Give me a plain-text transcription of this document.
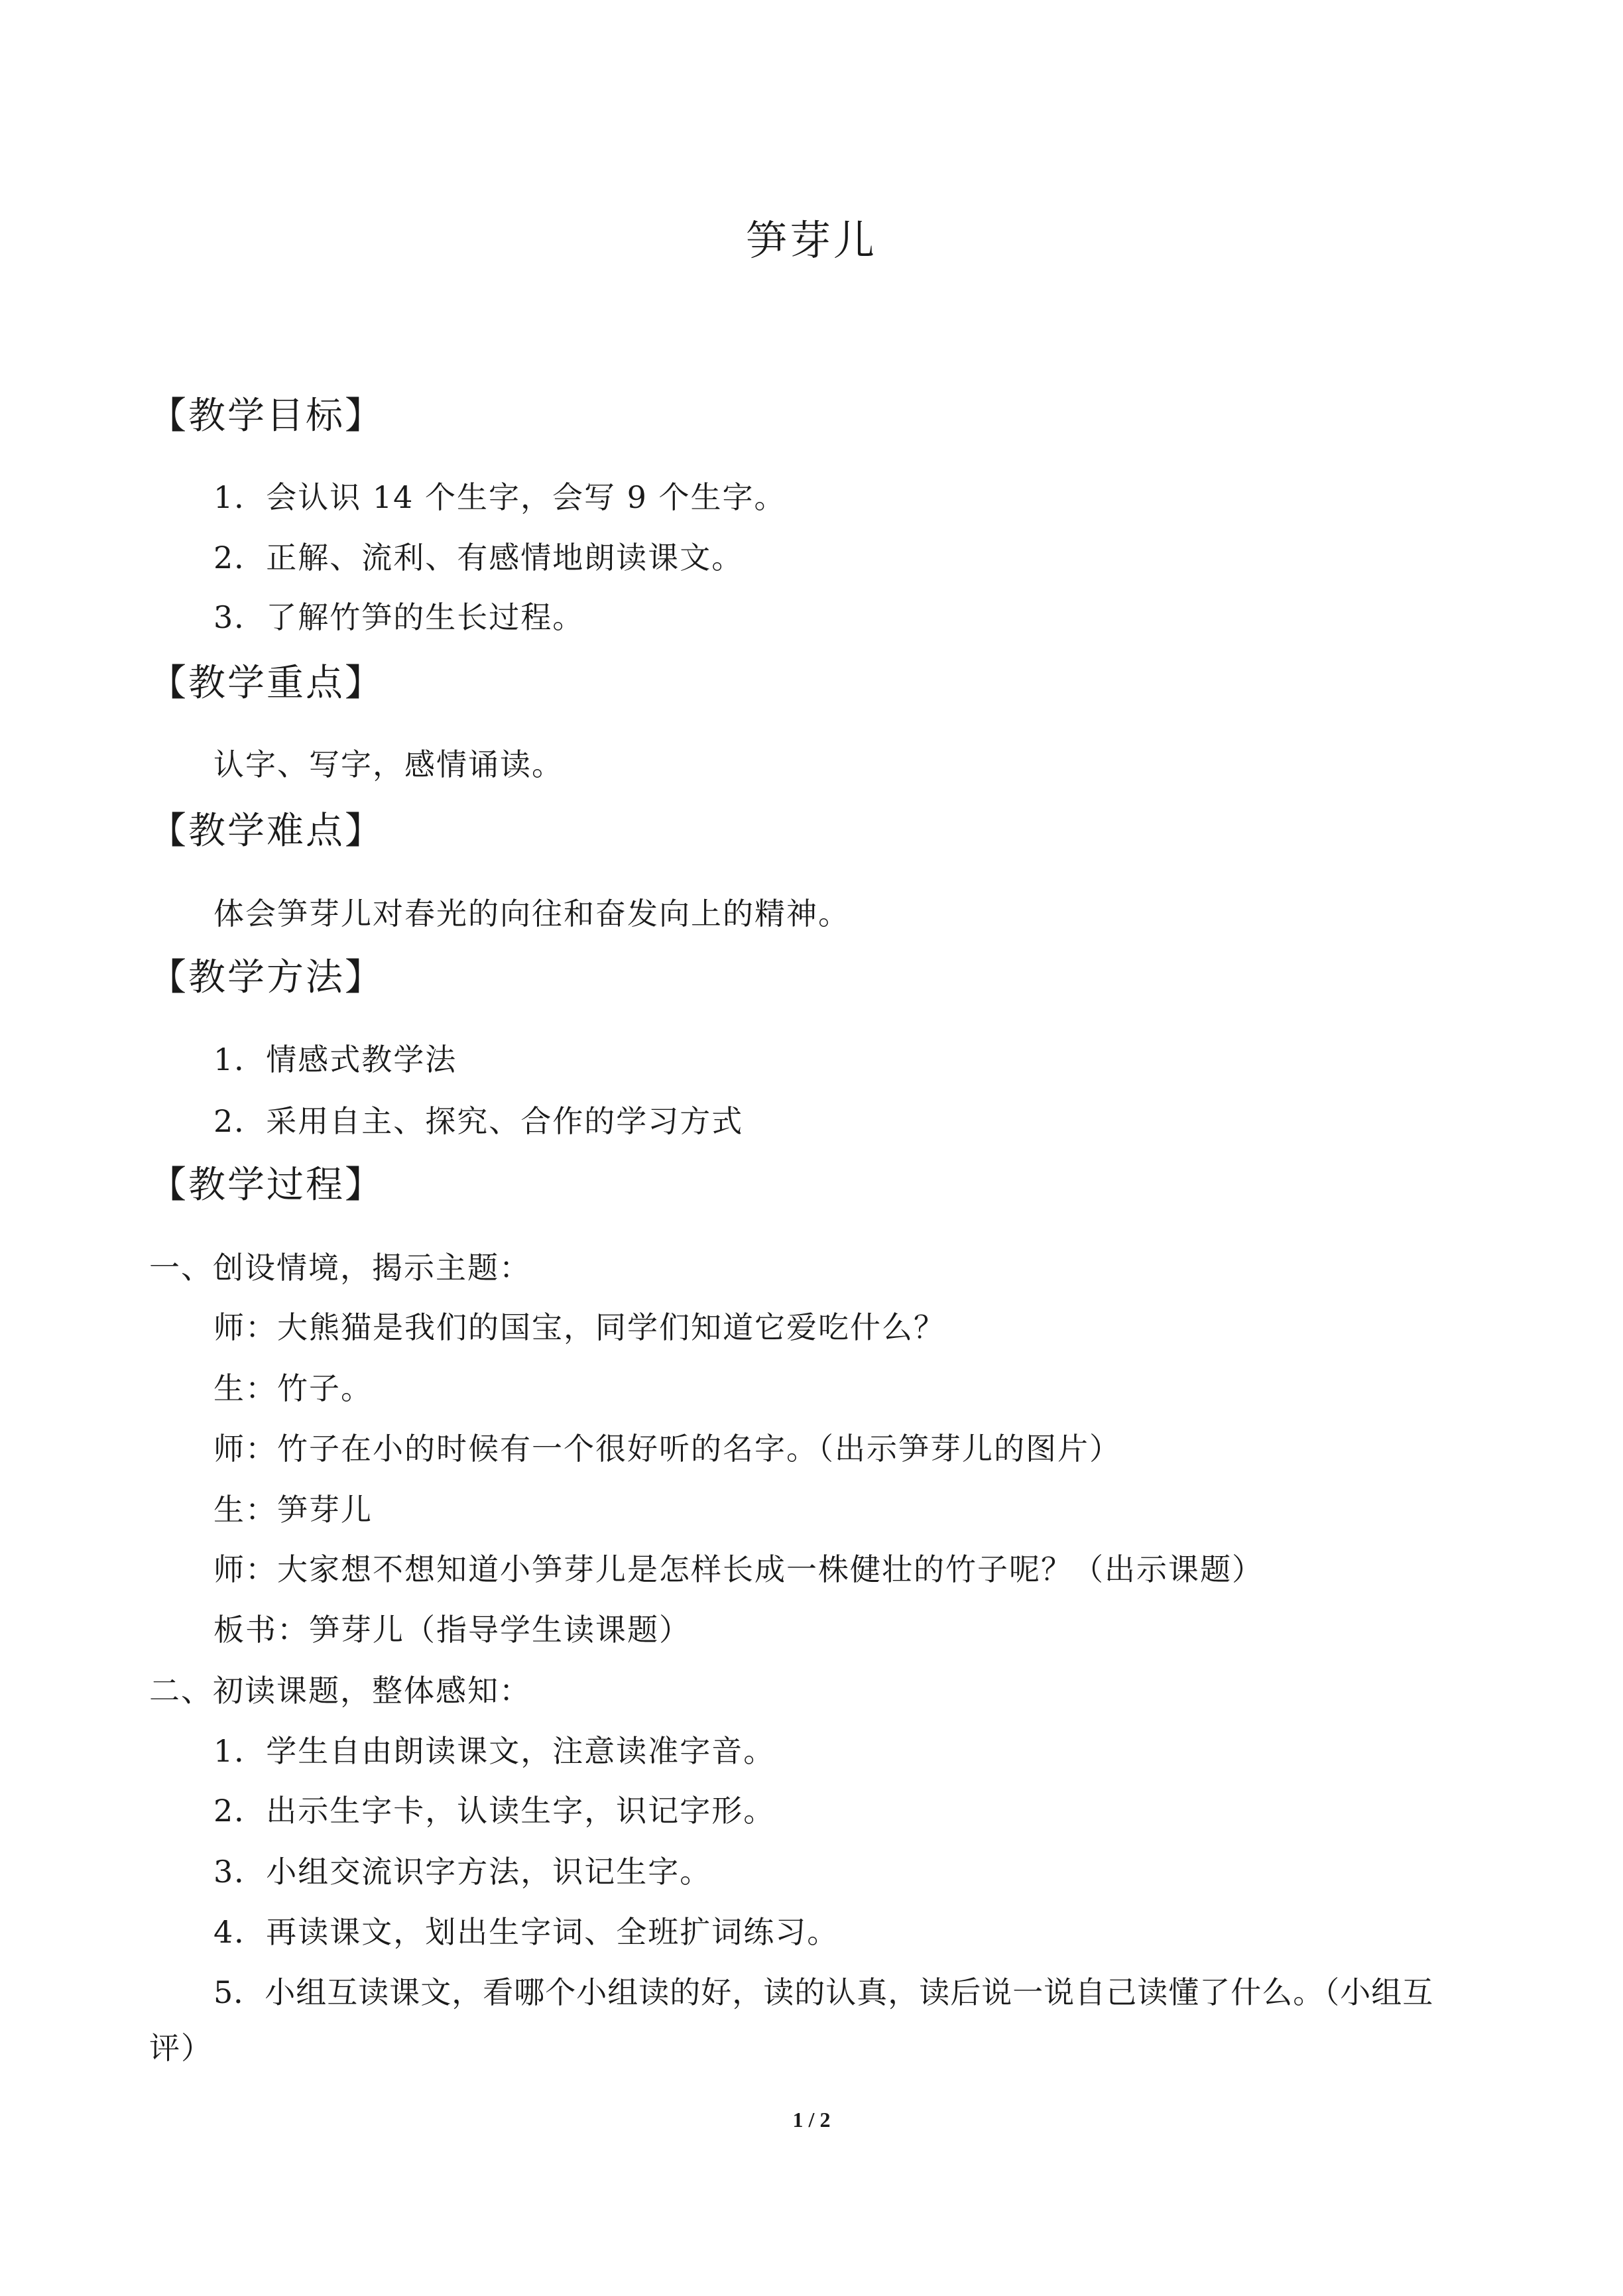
笋芽儿
【教学目标】
1．会认识 14 个生字，会写 9 个生字。
2．正解、流利、有感情地朗读课文。
3．了解竹笋的生长过程。
【教学重点】
认字、写字，感情诵读。
【教学难点】
体会笋芽儿对春光的向往和奋发向上的精神。
【教学方法】
1．情感式教学法
2．采用自主、探究、合作的学习方式
【教学过程】
一、创设情境，揭示主题：
师：大熊猫是我们的国宝，同学们知道它爱吃什么？
生：竹子。
师：竹子在小的时候有一个很好听的名字。（出示笋芽儿的图片）
生：笋芽儿
师：大家想不想知道小笋芽儿是怎样长成一株健壮的竹子呢？（出示课题）
板书：笋芽儿（指导学生读课题）
二、初读课题，整体感知：
1．学生自由朗读课文，注意读准字音。
2．出示生字卡，认读生字，识记字形。
3．小组交流识字方法，识记生字。
4．再读课文，划出生字词、全班扩词练习。
5．小组互读课文，看哪个小组读的好，读的认真，读后说一说自己读懂了什么。（小组互
评）
1 / 2
